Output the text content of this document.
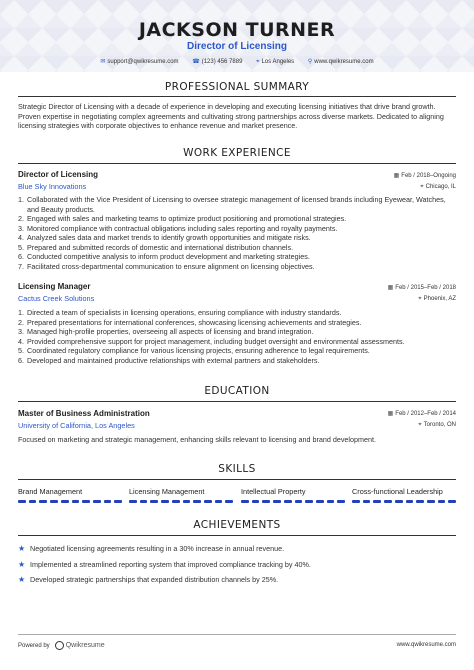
JACKSON TURNER
Director of Licensing
✉ support@qwikresume.com ☎ (123) 456 7889 ⌖ Los Angeles ⚲ www.qwikresume.com
PROFESSIONAL SUMMARY
Strategic Director of Licensing with a decade of experience in developing and executing licensing initiatives that drive brand growth. Proven expertise in negotiating complex agreements and cultivating strong partnerships across diverse markets. Dedicated to aligning licensing strategies with corporate objectives to enhance revenue and market presence.
WORK EXPERIENCE
Director of Licensing
Blue Sky Innovations
▦ Feb / 2018–Ongoing
⌖ Chicago, IL
1. Collaborated with the Vice President of Licensing to oversee strategic management of licensed brands including Eyewear, Watches, and Beauty products.
2. Engaged with sales and marketing teams to optimize product positioning and promotional strategies.
3. Monitored compliance with contractual obligations including sales reporting and royalty payments.
4. Analyzed sales data and market trends to identify growth opportunities and mitigate risks.
5. Prepared and submitted records of domestic and international distribution channels.
6. Conducted competitive analysis to inform product development and marketing strategies.
7. Facilitated cross-departmental communication to ensure alignment on licensing objectives.
Licensing Manager
Cactus Creek Solutions
▦ Feb / 2015–Feb / 2018
⌖ Phoenix, AZ
1. Directed a team of specialists in licensing operations, ensuring compliance with industry standards.
2. Prepared presentations for international conferences, showcasing licensing achievements and strategies.
3. Managed high-profile properties, overseeing all aspects of licensing and brand integration.
4. Provided comprehensive support for project management, including budget oversight and environmental assessments.
5. Coordinated regulatory compliance for various licensing projects, ensuring adherence to legal requirements.
6. Developed and maintained productive relationships with external partners and stakeholders.
EDUCATION
Master of Business Administration
University of California, Los Angeles
▦ Feb / 2012–Feb / 2014
⌖ Toronto, ON
Focused on marketing and strategic management, enhancing skills relevant to licensing and brand development.
SKILLS
Brand Management	Licensing Management	Intellectual Property	Cross-functional Leadership
ACHIEVEMENTS
★ Negotiated licensing agreements resulting in a 30% increase in annual revenue.
★ Implemented a streamlined reporting system that improved compliance tracking by 40%.
★ Developed strategic partnerships that expanded distribution channels by 25%.
Powered by Qwikresume	www.qwikresume.com
